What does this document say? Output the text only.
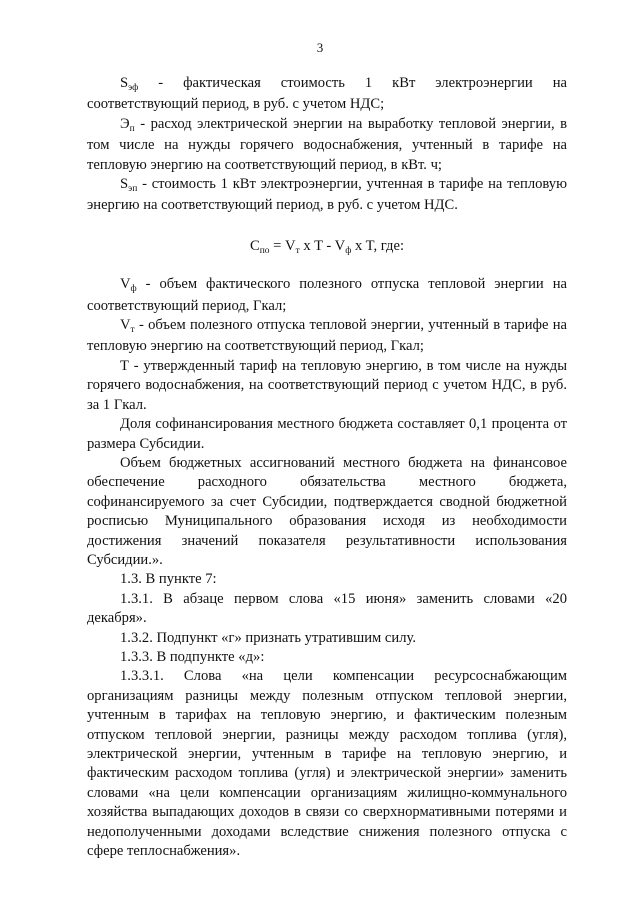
3

$S_{эф}$ - фактическая стоимость 1 кВт электроэнергии на соответствующий период, в руб. с учетом НДС;

$Э_п$ - расход электрической энергии на выработку тепловой энергии, в том числе на нужды горячего водоснабжения, учтенный в тарифе на тепловую энергию на соответствующий период, в кВт. ч;

$S_{эп}$ - стоимость 1 кВт электроэнергии, учтенная в тарифе на тепловую энергию на соответствующий период, в руб. с учетом НДС.

$C_{по} = V_т$ x T - $V_ф$ x T, где:

$V_ф$ - объем фактического полезного отпуска тепловой энергии на соответствующий период, Гкал;

$V_т$ - объем полезного отпуска тепловой энергии, учтенный в тарифе на тепловую энергию на соответствующий период, Гкал;

Т - утвержденный тариф на тепловую энергию, в том числе на нужды горячего водоснабжения, на соответствующий период с учетом НДС, в руб. за 1 Гкал.

Доля софинансирования местного бюджета составляет 0,1 процента от размера Субсидии.

Объем бюджетных ассигнований местного бюджета на финансовое обеспечение расходного обязательства местного бюджета, софинансируемого за счет Субсидии, подтверждается сводной бюджетной росписью Муниципального образования исходя из необходимости достижения значений показателя результативности использования Субсидии.».

1.3. В пункте 7:

1.3.1. В абзаце первом слова «15 июня» заменить словами «20 декабря».

1.3.2. Подпункт «г» признать утратившим силу.

1.3.3. В подпункте «д»:

1.3.3.1. Слова «на цели компенсации ресурсоснабжающим организациям разницы между полезным отпуском тепловой энергии, учтенным в тарифах на тепловую энергию, и фактическим полезным отпуском тепловой энергии, разницы между расходом топлива (угля), электрической энергии, учтенным в тарифе на тепловую энергию, и фактическим расходом топлива (угля) и электрической энергии» заменить словами «на цели компенсации организациям жилищно-коммунального хозяйства выпадающих доходов в связи со сверхнормативными потерями и недополученными доходами вследствие снижения полезного отпуска с сфере теплоснабжения».
